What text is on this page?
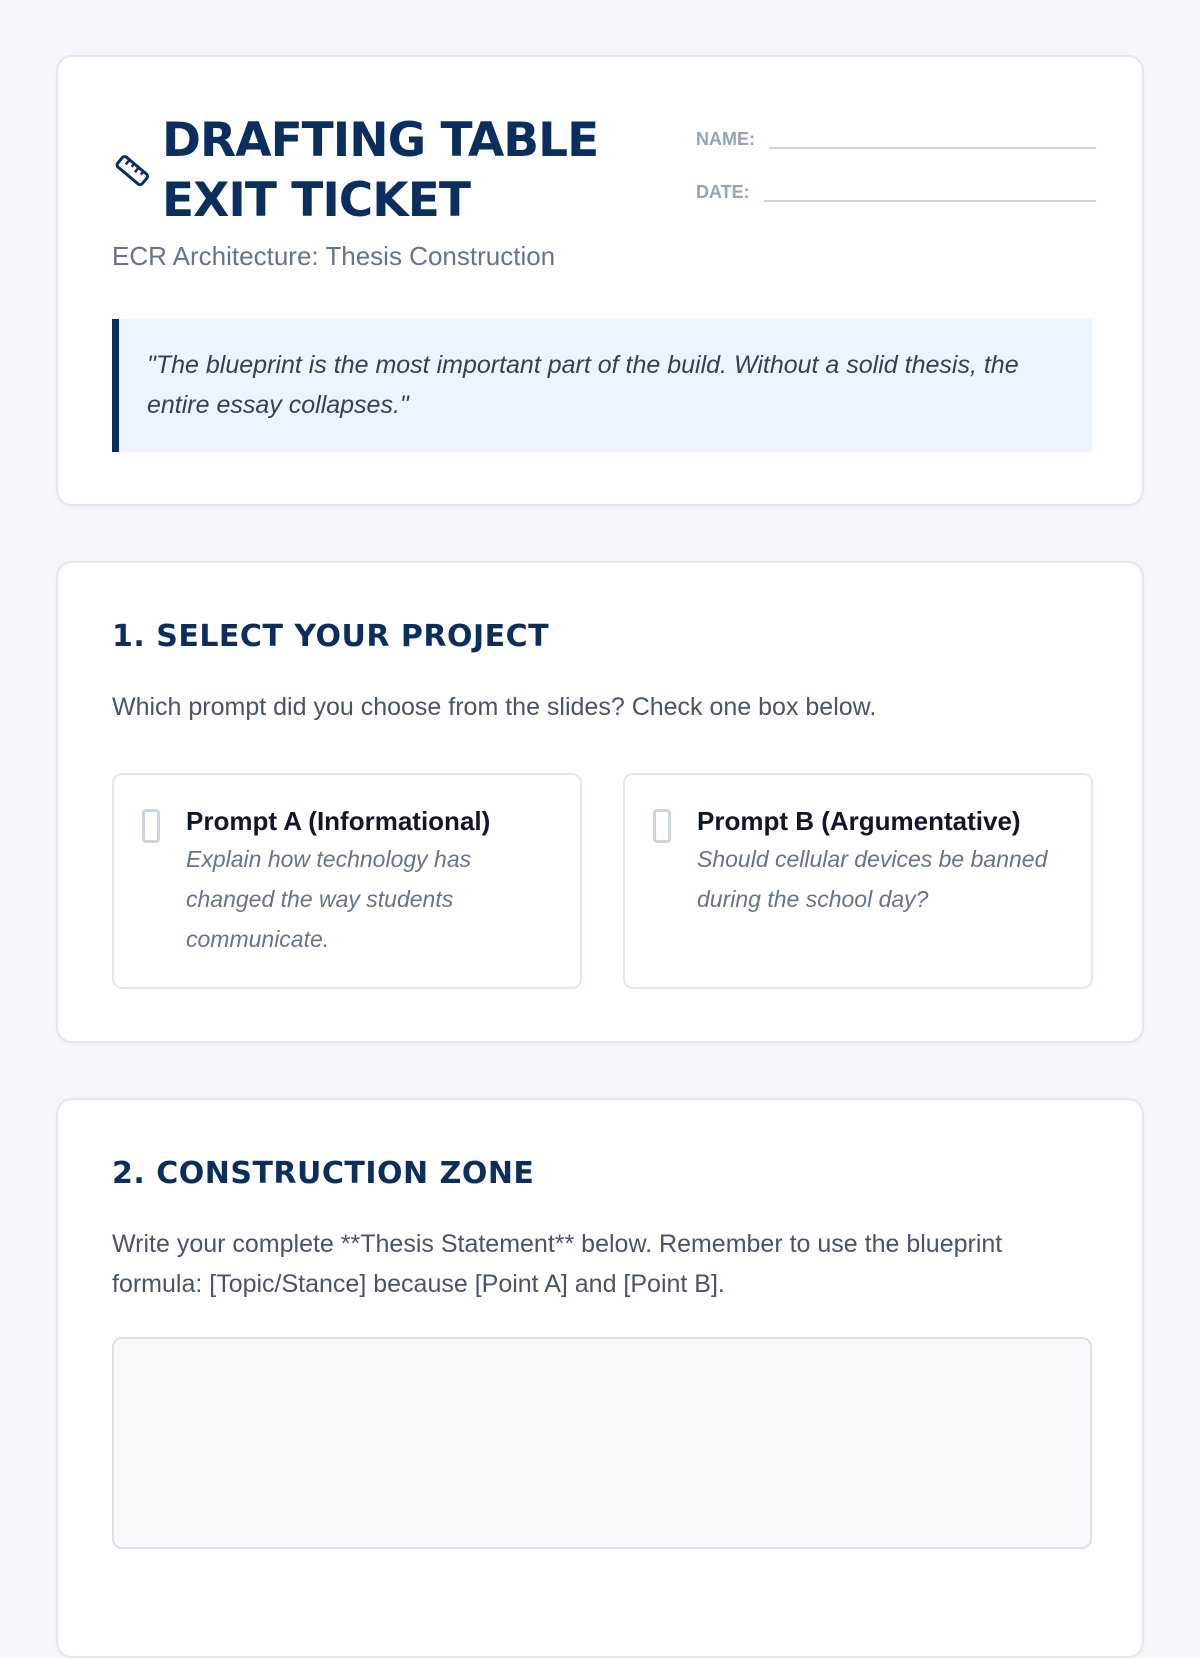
DRAFTING TABLE EXIT TICKET
ECR Architecture: Thesis Construction
NAME:
DATE:
"The blueprint is the most important part of the build. Without a solid thesis, the entire essay collapses."
1. SELECT YOUR PROJECT

Which prompt did you choose from the slides? Check one box below.

Prompt A (Informational)
Explain how technology has changed the way students communicate.
Prompt B (Argumentative)
Should cellular devices be banned during the school day?
2. CONSTRUCTION ZONE

Write your complete **Thesis Statement** below. Remember to use the blueprint formula: [Topic/Stance] because [Point A] and [Point B].
